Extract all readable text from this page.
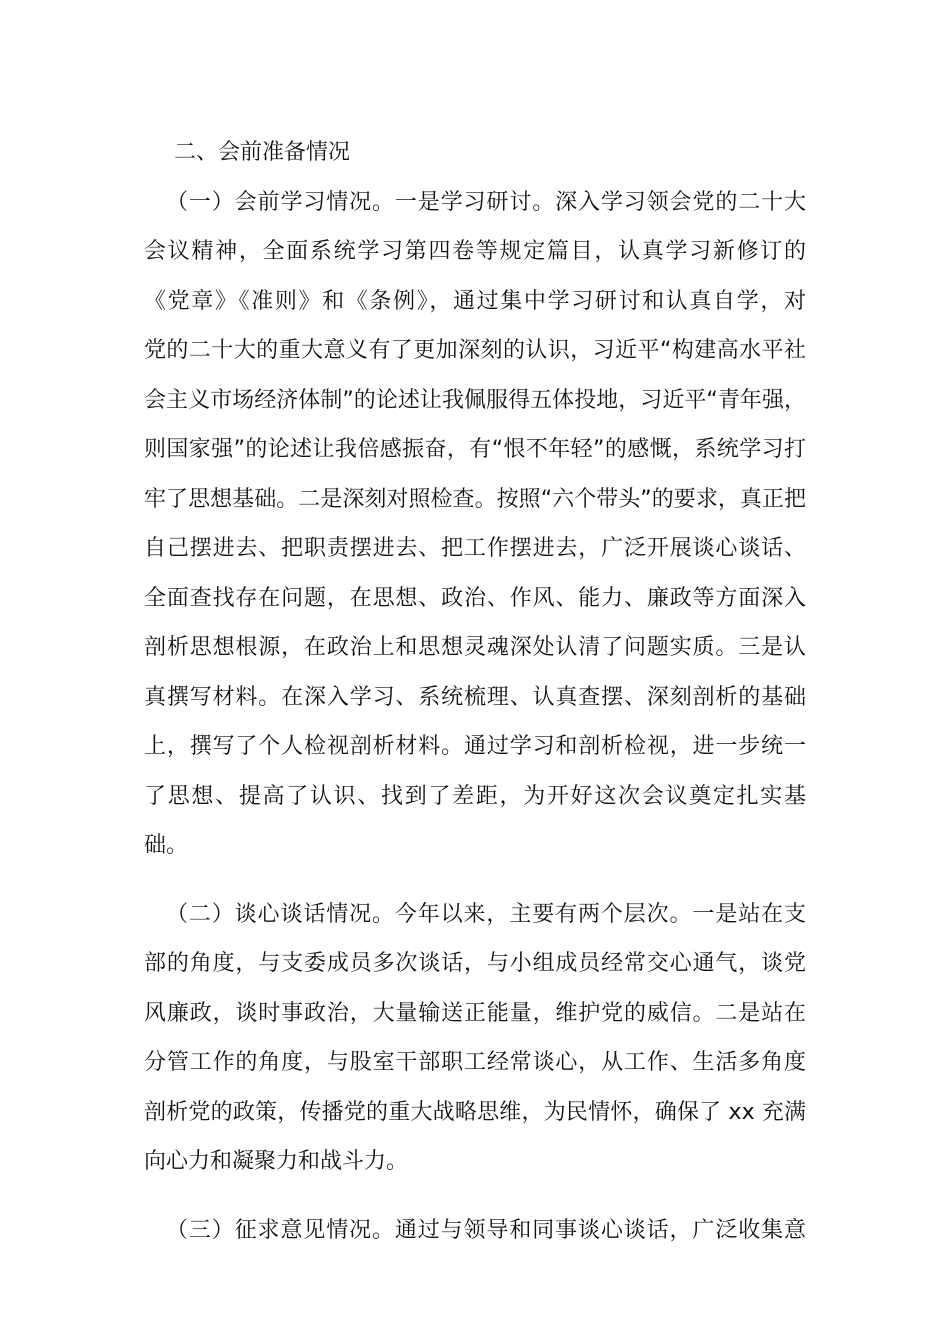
二、会前准备情况
（一）会前学习情况。一是学习研讨。深入学习领会党的二十大
会议精神，全面系统学习第四卷等规定篇目，认真学习新修订的
《党章》《准则》和《条例》，通过集中学习研讨和认真自学，对
党的二十大的重大意义有了更加深刻的认识，习近平“构建高水平社
会主义市场经济体制”的论述让我佩服得五体投地，习近平“青年强，
则国家强”的论述让我倍感振奋，有“恨不年轻”的感慨，系统学习打
牢了思想基础。二是深刻对照检查。按照“六个带头”的要求，真正把
自己摆进去、把职责摆进去、把工作摆进去，广泛开展谈心谈话、
全面查找存在问题，在思想、政治、作风、能力、廉政等方面深入
剖析思想根源，在政治上和思想灵魂深处认清了问题实质。三是认
真撰写材料。在深入学习、系统梳理、认真查摆、深刻剖析的基础
上，撰写了个人检视剖析材料。通过学习和剖析检视，进一步统一
了思想、提高了认识、找到了差距，为开好这次会议奠定扎实基
础。
（二）谈心谈话情况。今年以来，主要有两个层次。一是站在支
部的角度，与支委成员多次谈话，与小组成员经常交心通气，谈党
风廉政，谈时事政治，大量输送正能量，维护党的威信。二是站在
分管工作的角度，与股室干部职工经常谈心，从工作、生活多角度
剖析党的政策，传播党的重大战略思维，为民情怀，确保了 xx 充满
向心力和凝聚力和战斗力。
（三）征求意见情况。通过与领导和同事谈心谈话，广泛收集意
